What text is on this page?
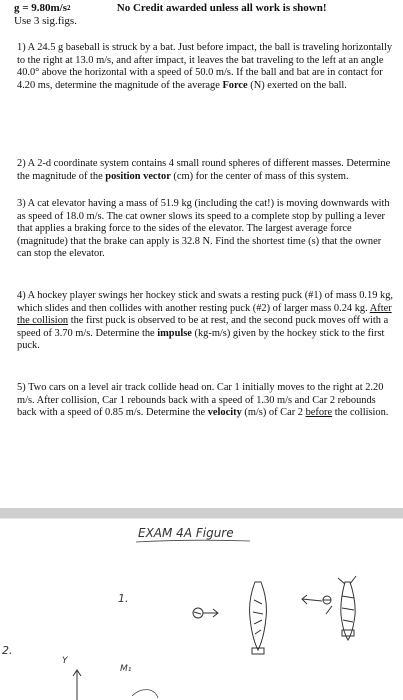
$g = 9.80m/s^2$	No Credit awarded unless all work is shown!
Use 3 sig.figs.
1) A 24.5 g baseball is struck by a bat. Just before impact, the ball is traveling horizontally to the right at 13.0 m/s, and after impact, it leaves the bat traveling to the left at an angle 40.0° above the horizontal with a speed of 50.0 m/s. If the ball and bat are in contact for 4.20 ms, determine the magnitude of the average Force (N) exerted on the ball.
2) A 2-d coordinate system contains 4 small round spheres of different masses. Determine the magnitude of the position vector (cm) for the center of mass of this system.
3) A cat elevator having a mass of 51.9 kg (including the cat!) is moving downwards with as speed of 18.0 m/s. The cat owner slows its speed to a complete stop by pulling a lever that applies a braking force to the sides of the elevator. The largest average force (magnitude) that the brake can apply is 32.8 N. Find the shortest time (s) that the owner can stop the elevator.
4) A hockey player swings her hockey stick and swats a resting puck (#1) of mass 0.19 kg, which slides and then collides with another resting puck (#2) of larger mass 0.24 kg. After the collision the first puck is observed to be at rest, and the second puck moves off with a speed of 3.70 m/s. Determine the impulse (kg-m/s) given by the hockey stick to the first puck.
5) Two cars on a level air track collide head on. Car 1 initially moves to the right at 2.20 m/s. After collision, Car 1 rebounds back with a speed of 1.30 m/s and Car 2 rebounds back with a speed of 0.85 m/s. Determine the velocity (m/s) of Car 2 before the collision.
EXAM 4A Figure
1.
2.
Y
M₁
